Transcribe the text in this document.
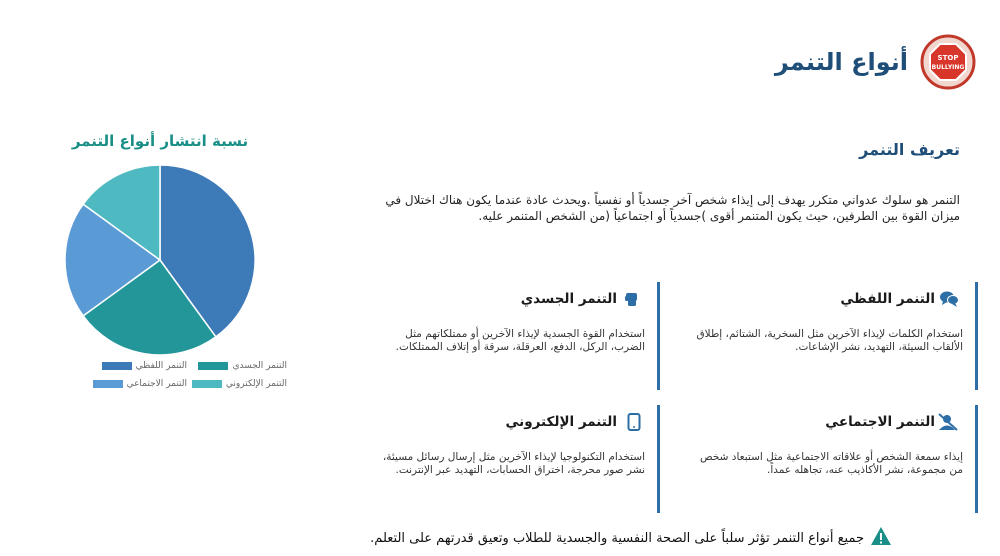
STOP
BULLYING
أنواع التنمر
تعريف التنمر
التنمر هو سلوك عدواني متكرر يهدف إلى إيذاء شخص آخر جسدياً أو نفسياً .ويحدث عادة عندما يكون هناك اختلال في ميزان القوة بين الطرفين، حيث يكون المتنمر أقوى )جسدياً أو اجتماعياً (من الشخص المتنمر عليه.
التنمر اللفظي
استخدام الكلمات لإيذاء الآخرين مثل السخرية، الشتائم، إطلاق الألقاب السيئة، التهديد، نشر الإشاعات.
التنمر الجسدي
استخدام القوة الجسدية لإيذاء الآخرين أو ممتلكاتهم مثل الضرب، الركل، الدفع، العرقلة، سرقة أو إتلاف الممتلكات.
التنمر الاجتماعي
إيذاء سمعة الشخص أو علاقاته الاجتماعية مثل استبعاد شخص من مجموعة، نشر الأكاذيب عنه، تجاهله عمداً.
التنمر الإلكتروني
استخدام التكنولوجيا لإيذاء الآخرين مثل إرسال رسائل مسيئة، نشر صور محرجة، اختراق الحسابات، التهديد عبر الإنترنت.
نسبة انتشار أنواع التنمر
التنمر اللفظي	التنمر الجسدي
التنمر الاجتماعي	التنمر الإلكتروني
جميع أنواع التنمر تؤثر سلباً على الصحة النفسية والجسدية للطلاب وتعيق قدرتهم على التعلم.
